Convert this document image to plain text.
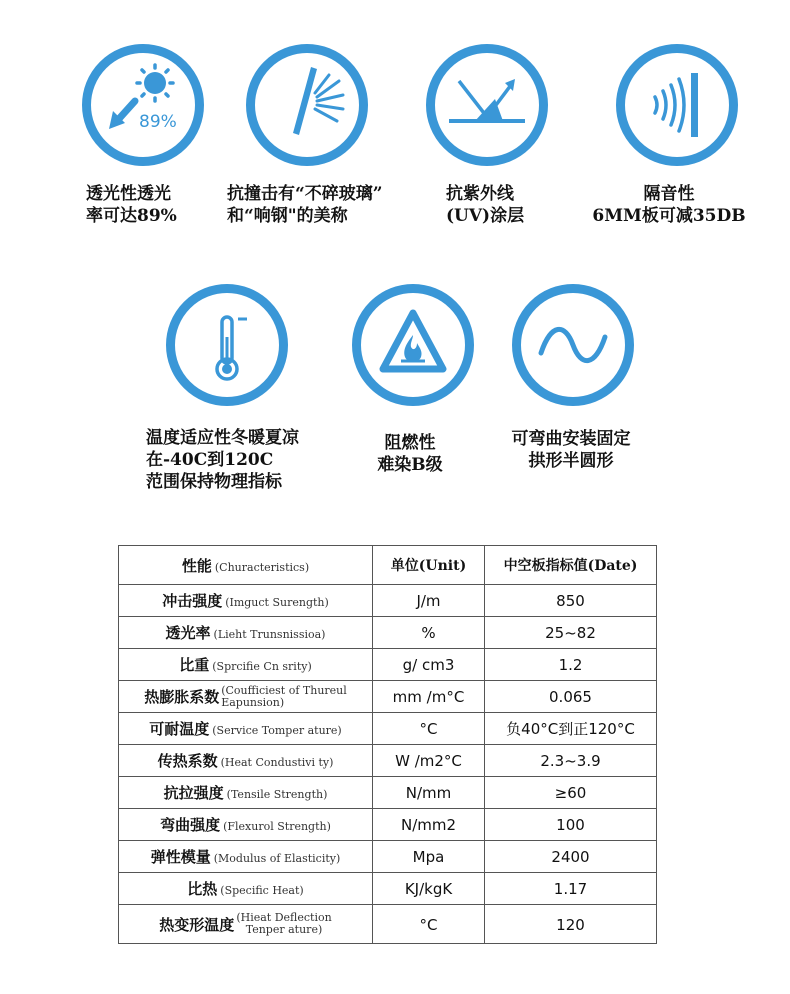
89%
透光性透光
率可达89%
抗撞击有“不碎玻璃”
和“响钢"的美称
抗紫外线
(UV)涂层
隔音性
6MM板可减35DB
温度适应性冬暖夏凉
在-40C到120C
范围保持物理指标
阻燃性
难染B级
可弯曲安装固定
拱形半圆形
性能 (Churacteristics)	单位(Unit)	中空板指标值(Date)
冲击强度 (Imguct Surength)	J/m	850
透光率 (Lieht Trunsnissioa)	%	25~82
比重 (Sprcifie Cn srity)	g/ cm3	1.2

热膨胀系数 (Coufficiest of Thureul
Eapunsion)	mm /m°C	0.065
可耐温度 (Service Tomper ature)	°C	负40°C到正120°C
传热系数 (Heat Condustivi ty)	W /m2°C	2.3~3.9
抗拉强度 (Tensile Strength)	N/mm	≥60
弯曲强度 (Flexurol Strength)	N/mm2	100
弹性模量 (Modulus of Elasticity)	Mpa	2400
比热 (Specific Heat)	KJ/kgK	1.17

热变形温度 (Hieat Deflection
Tenper ature)	°C	120
